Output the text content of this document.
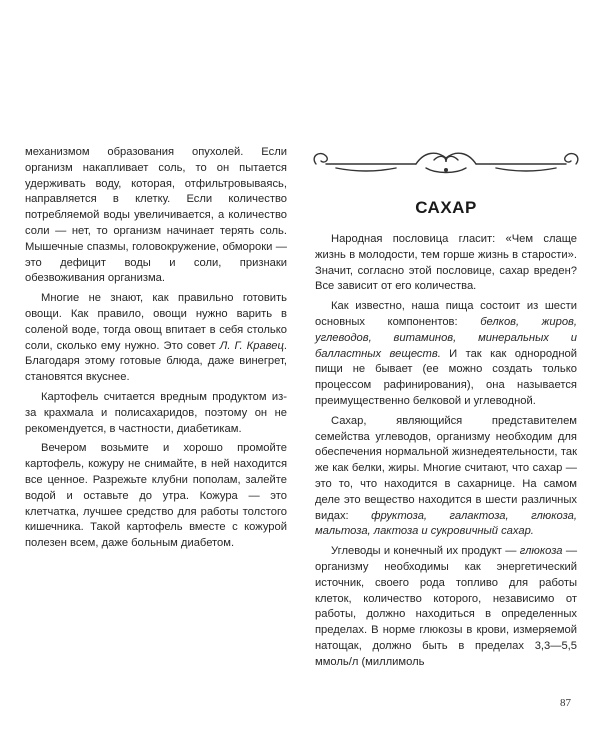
механизмом образования опухолей. Если организм накапливает соль, то он пытается удерживать воду, которая, отфильтровываясь, направляется в клетку. Если количество потребляемой воды увеличивается, а количество соли — нет, то организм начинает терять соль. Мышечные спазмы, головокружение, обмороки — это дефицит воды и соли, признаки обезвоживания организма.

Многие не знают, как правильно готовить овощи. Как правило, овощи нужно варить в соленой воде, тогда овощ впитает в себя столько соли, сколько ему нужно. Это совет Л. Г. Кравец. Благодаря этому готовые блюда, даже винегрет, становятся вкуснее.

Картофель считается вредным продуктом из-за крахмала и полисахаридов, поэтому он не рекомендуется, в частности, диабетикам.

Вечером возьмите и хорошо промойте картофель, кожуру не снимайте, в ней находится все ценное. Разрежьте клубни пополам, залейте водой и оставьте до утра. Кожура — это клетчатка, лучшее средство для работы толстого кишечника. Такой картофель вместе с кожурой полезен всем, даже больным диабетом.

САХАР

Народная пословица гласит: «Чем слаще жизнь в молодости, тем горше жизнь в старости». Значит, согласно этой пословице, сахар вреден? Все зависит от его количества.

Как известно, наша пища состоит из шести основных компонентов: белков, жиров, углеводов, витаминов, минеральных и балластных веществ. И так как однородной пищи не бывает (ее можно создать только процессом рафинирования), она называется преимущественно белковой и углеводной.

Сахар, являющийся представителем семейства углеводов, организму необходим для обеспечения нормальной жизнедеятельности, так же как белки, жиры. Многие считают, что сахар — это то, что находится в сахарнице. На самом деле это вещество находится в шести различных видах: фруктоза, галактоза, глюкоза, мальтоза, лактоза и сукровичный сахар.

Углеводы и конечный их продукт — глюкоза — организму необходимы как энергетический источник, своего рода топливо для работы клеток, количество которого, независимо от работы, должно находиться в определенных пределах. В норме глюкозы в крови, измеряемой натощак, должно быть в пределах 3,3—5,5 ммоль/л (миллимоль

87
